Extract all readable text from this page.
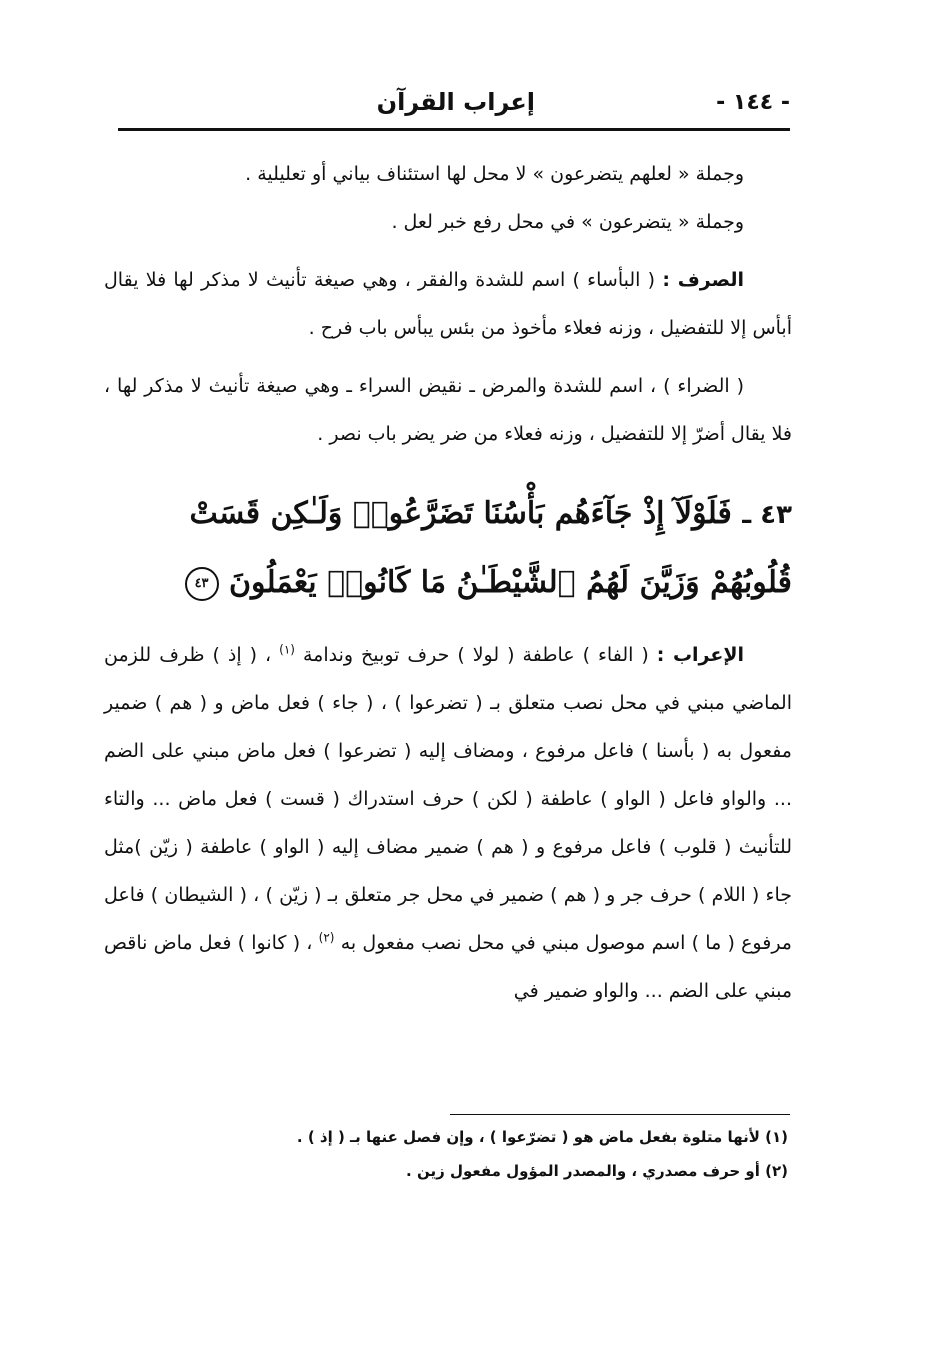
- ١٤٤ -
إعراب القرآن

وجملة « لعلهم يتضرعون » لا محل لها استئناف بياني أو تعليلية .

وجملة « يتضرعون » في محل رفع خبر لعل .

الصرف : ( البأساء ) اسم للشدة والفقر ، وهي صيغة تأنيث لا مذكر لها فلا يقال أبأس إلا للتفضيل ، وزنه فعلاء مأخوذ من بئس يبأس باب فرح .

( الضراء ) ، اسم للشدة والمرض ـ نقيض السراء ـ وهي صيغة تأنيث لا مذكر لها ، فلا يقال أضرّ إلا للتفضيل ، وزنه فعلاء من ضر يضر باب نصر .

٤٣ ـ فَلَوْلَآ إِذْ جَآءَهُم بَأْسُنَا تَضَرَّعُوا۟ وَلَـٰكِن قَسَتْ قُلُوبُهُمْ وَزَيَّنَ لَهُمُ ٱلشَّيْطَـٰنُ مَا كَانُوا۟ يَعْمَلُونَ ٤٣

الإعراب : ( الفاء ) عاطفة ( لولا ) حرف توبيخ وندامة $^{(١)}$ ، ( إذ ) ظرف للزمن الماضي مبني في محل نصب متعلق بـ ( تضرعوا ) ، ( جاء ) فعل ماض و ( هم ) ضمير مفعول به ( بأسنا ) فاعل مرفوع ، ومضاف إليه ( تضرعوا ) فعل ماض مبني على الضم ... والواو فاعل ( الواو ) عاطفة ( لكن ) حرف استدراك ( قست ) فعل ماض ... والتاء للتأنيث ( قلوب ) فاعل مرفوع و ( هم ) ضمير مضاف إليه ( الواو ) عاطفة ( زيّن )مثل جاء ( اللام ) حرف جر و ( هم ) ضمير في محل جر متعلق بـ ( زيّن ) ، ( الشيطان ) فاعل مرفوع ( ما ) اسم موصول مبني في محل نصب مفعول به $^{(٢)}$ ، ( كانوا ) فعل ماض ناقص مبني على الضم ... والواو ضمير في

(١) لأنها متلوة بفعل ماض هو ( تضرّعوا ) ، وإن فصل عنها بـ ( إذ ) .

(٢) أو حرف مصدري ، والمصدر المؤول مفعول زين .
